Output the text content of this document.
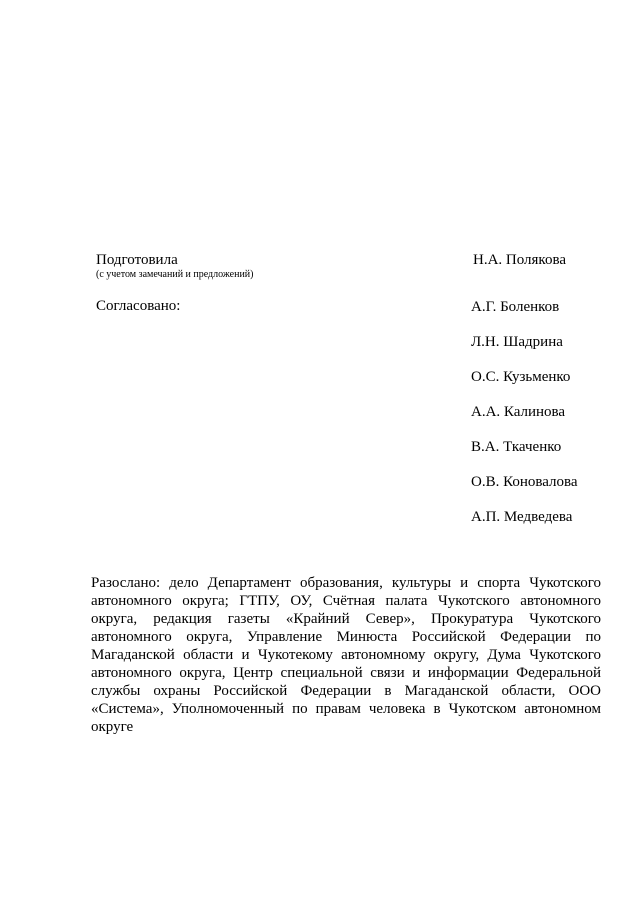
Подготовила
(с учетом замечаний и предложений)
Н.А. Полякова
Согласовано:	А.Г. Боленков
Л.Н. Шадрина
О.С. Кузьменко
А.А. Калинова
В.А. Ткаченко
О.В. Коновалова
А.П. Медведева

Разослано: дело Департамент образования, культуры и спорта Чукотского автономного округа; ГТПУ, ОУ, Счётная палата Чукотского автономного округа, редакция газеты «Крайний Север», Прокуратура Чукотского автономного округа, Управление Минюста Российской Федерации по Магаданской области и Чукотекому автономному округу, Дума Чукотского автономного округа, Центр специальной связи и информации Федеральной службы охраны Российской Федерации в Магаданской области, ООО «Система», Уполномоченный по правам человека в Чукотском автономном округе
